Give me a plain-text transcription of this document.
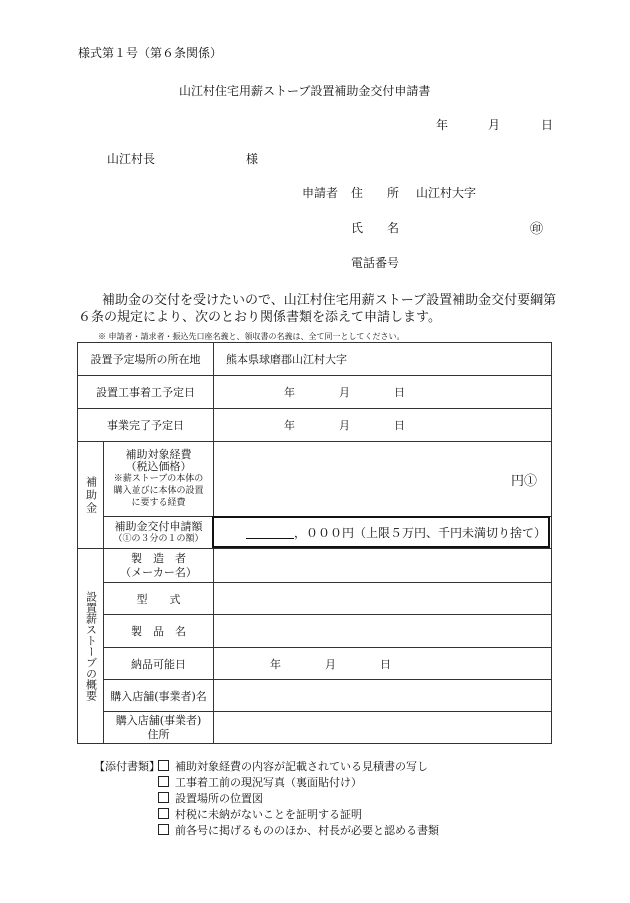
様式第１号（第６条関係）
山江村住宅用薪ストーブ設置補助金交付申請書
年	月	日
山江村長	様
申請者 住　　所 山江村大字
氏　　名	㊞
電話番号
補助金の交付を受けたいので、山江村住宅用薪ストーブ設置補助金交付要綱第
６条の規定により、次のとおり関係書類を添えて申請します。
※ 申請者・請求者・振込先口座名義と、領収書の名義は、全て同一としてください。
設置予定場所の所在地		熊本県球磨郡山江村大字
設置工事着工予定日		年 月 日
事業完了予定日		年 月 日

補助金	補助対象経費
（税込価格）
※薪ストーブの本体の
購入並びに本体の設置
に要する経費	円①

	補助金交付申請額
（①の３分の１の額）	，０００円（上限５万円、千円未満切り捨て）

設置薪ストーブの概要	製　造　者
（メーカー名）	

	型　　式	
	製　品　名	
	納品可能日	年 月 日
	購入店舗(事業者)名	

	購入店舗(事業者)
住所	

【添付書類】	補助対象経費の内容が記載されている見積書の写し
工事着工前の現況写真（裏面貼付け）
設置場所の位置図
村税に未納がないことを証明する証明
前各号に掲げるもののほか、村長が必要と認める書類
